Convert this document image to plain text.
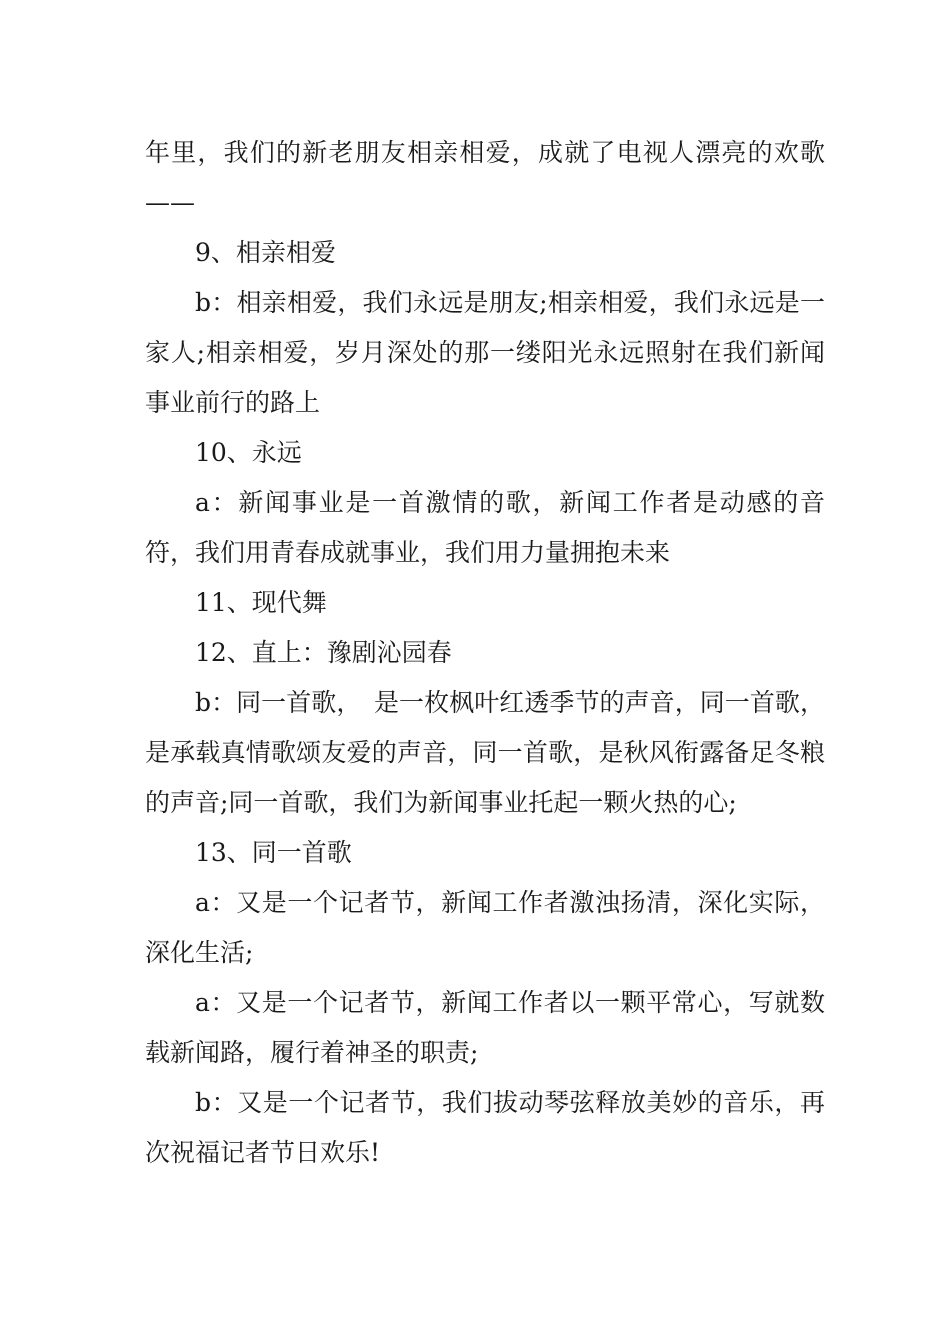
年里，我们的新老朋友相亲相爱，成就了电视人漂亮的欢歌——

9、相亲相爱

b：相亲相爱，我们永远是朋友;相亲相爱，我们永远是一家人;相亲相爱，岁月深处的那一缕阳光永远照射在我们新闻事业前行的路上

10、永远

a：新闻事业是一首激情的歌，新闻工作者是动感的音符，我们用青春成就事业，我们用力量拥抱未来

11、现代舞

12、直上：豫剧沁园春

b：同一首歌，　是一枚枫叶红透季节的声音，同一首歌，是承载真情歌颂友爱的声音，同一首歌，是秋风衔露备足冬粮的声音;同一首歌，我们为新闻事业托起一颗火热的心;

13、同一首歌

a：又是一个记者节，新闻工作者激浊扬清，深化实际，深化生活;

a：又是一个记者节，新闻工作者以一颗平常心，写就数载新闻路，履行着神圣的职责;

b：又是一个记者节，我们拔动琴弦释放美妙的音乐，再次祝福记者节日欢乐!
